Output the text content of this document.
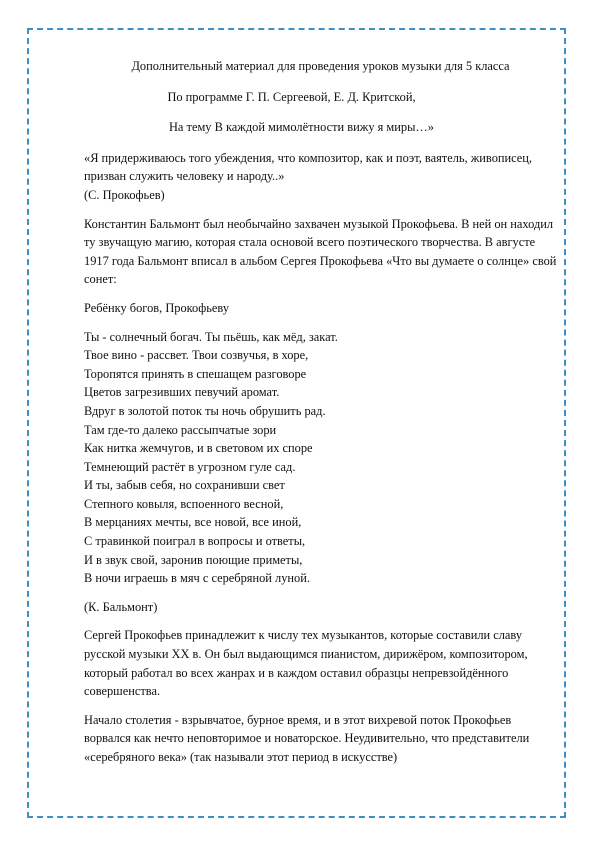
Дополнительный материал для проведения уроков музыки для 5 класса
По программе Г. П. Сергеевой, Е. Д. Критской,
На тему В каждой мимолётности вижу я миры…»

«Я придерживаюсь того убеждения, что композитор, как и поэт, ваятель, живописец, призван служить человеку и народу..»
(С. Прокофьев)

Константин Бальмонт был необычайно захвачен музыкой Прокофьева. В ней он находил ту звучащую магию, которая стала основой всего поэтического творчества. В августе 1917 года Бальмонт вписал в альбом Сергея Прокофьева «Что вы думаете о солнце» свой сонет:

Ребёнку богов, Прокофьеву

Ты - солнечный богач. Ты пьёшь, как мёд, закат.
Твое вино - рассвет. Твои созвучья, в хоре,
Торопятся принять в спешащем разговоре
Цветов загрезивших певучий аромат.
Вдруг в золотой поток ты ночь обрушить рад.
Там где-то далеко рассыпчатые зори
Как нитка жемчугов, и в световом их споре
Темнеющий растёт в угрозном гуле сад.
И ты, забыв себя, но сохранивши свет
Степного ковыля, вспоенного весной,
В мерцаниях мечты, все новой, все иной,
С травинкой поиграл в вопросы и ответы,
И в звук свой, заронив поющие приметы,
В ночи играешь в мяч с серебряной луной.

(К. Бальмонт)

Сергей Прокофьев принадлежит к числу тех музыкантов, которые составили славу русской музыки XX в. Он был выдающимся пианистом, дирижёром, композитором, который работал во всех жанрах и в каждом оставил образцы непревзойдённого совершенства.

Начало столетия - взрывчатое, бурное время, и в этот вихревой поток Прокофьев ворвался как нечто неповторимое и новаторское. Неудивительно, что представители «серебряного века» (так называли этот период в искусстве)
